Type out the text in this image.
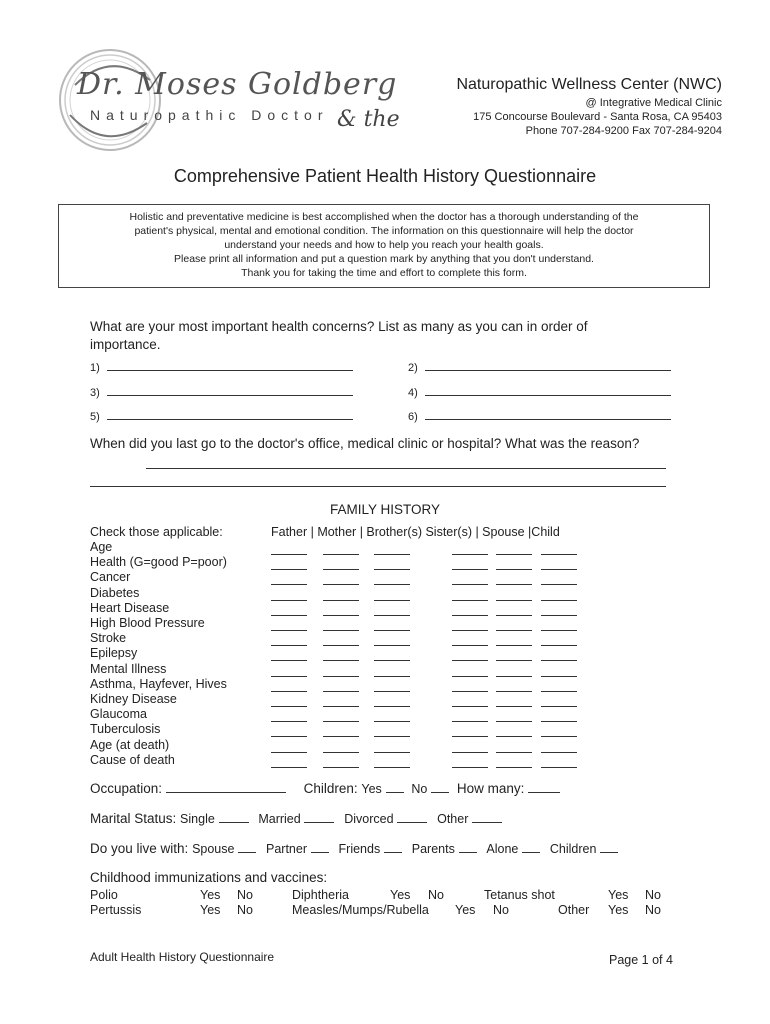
Dr. Moses Goldberg
Naturopathic Doctor & the
Naturopathic Wellness Center (NWC)
@ Integrative Medical Clinic
175 Concourse Boulevard - Santa Rosa, CA 95403
Phone 707-284-9200 Fax 707-284-9204
Comprehensive Patient Health History Questionnaire
Holistic and preventative medicine is best accomplished when the doctor has a thorough understanding of the
patient's physical, mental and emotional condition. The information on this questionnaire will help the doctor
understand your needs and how to help you reach your health goals.
Please print all information and put a question mark by anything that you don't understand.
Thank you for taking the time and effort to complete this form.
What are your most important health concerns? List as many as you can in order of importance.
1)	2)
3)	4)
5)	6)
When did you last go to the doctor's office, medical clinic or hospital? What was the reason?
FAMILY HISTORY
Check those applicable:	Father | Mother | Brother(s) Sister(s) | Spouse |Child
Age
Health (G=good P=poor)
Cancer
Diabetes
Heart Disease
High Blood Pressure
Stroke
Epilepsy
Mental Illness
Asthma, Hayfever, Hives
Kidney Disease
Glaucoma
Tuberculosis
Age (at death)
Cause of death
Occupation:	Children: Yes No How many:
Marital Status: Single	Married	Divorced	Other
Do you live with: Spouse	Partner	Friends	Parents	Alone	Children
Childhood immunizations and vaccines:
Polio	Yes No	Diphtheria	Yes No	Tetanus shot	Yes No
Pertussis	Yes No	Measles/Mumps/Rubella Yes No	Other Yes No
Adult Health History Questionnaire	Page 1 of 4
